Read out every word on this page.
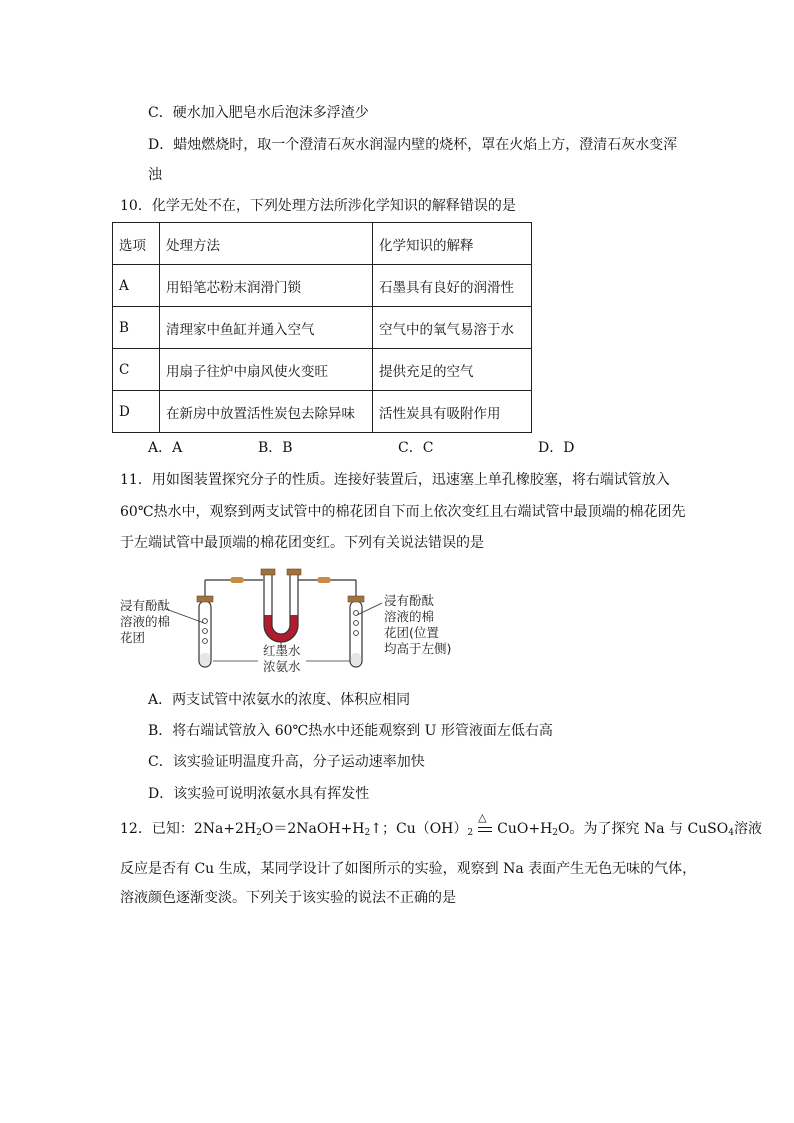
C．硬水加入肥皂水后泡沫多浮渣少
D．蜡烛燃烧时，取一个澄清石灰水润湿内壁的烧杯，罩在火焰上方，澄清石灰水变浑
浊
10．化学无处不在，下列处理方法所涉化学知识的解释错误的是
选项	处理方法	化学知识的解释
A	用铅笔芯粉末润滑门锁	石墨具有良好的润滑性
B	清理家中鱼缸并通入空气	空气中的氧气易溶于水
C	用扇子往炉中扇风使火变旺	提供充足的空气
D	在新房中放置活性炭包去除异味	活性炭具有吸附作用
A．A	B．B	C．C	D．D
11．用如图装置探究分子的性质。连接好装置后，迅速塞上单孔橡胶塞，将右端试管放入
60℃热水中，观察到两支试管中的棉花团自下而上依次变红且右端试管中最顶端的棉花团先
于左端试管中最顶端的棉花团变红。下列有关说法错误的是
浸有酚酞
溶液的棉
花团
浸有酚酞
溶液的棉
花团(位置
均高于左侧)
红墨水
浓氨水
A．两支试管中浓氨水的浓度、体积应相同
B．将右端试管放入 60℃热水中还能观察到 U 形管液面左低右高
C．该实验证明温度升高，分子运动速率加快
D．该实验可说明浓氨水具有挥发性
12．已知：$2Na+2H_2O=2NaOH+H_2↑$；$Cu(OH)_2$
△
$CuO+H_2O$。为了探究 Na 与 CuSO$_4$溶液
反应是否有 Cu 生成，某同学设计了如图所示的实验，观察到 Na 表面产生无色无味的气体，
溶液颜色逐渐变淡。下列关于该实验的说法不正确的是
